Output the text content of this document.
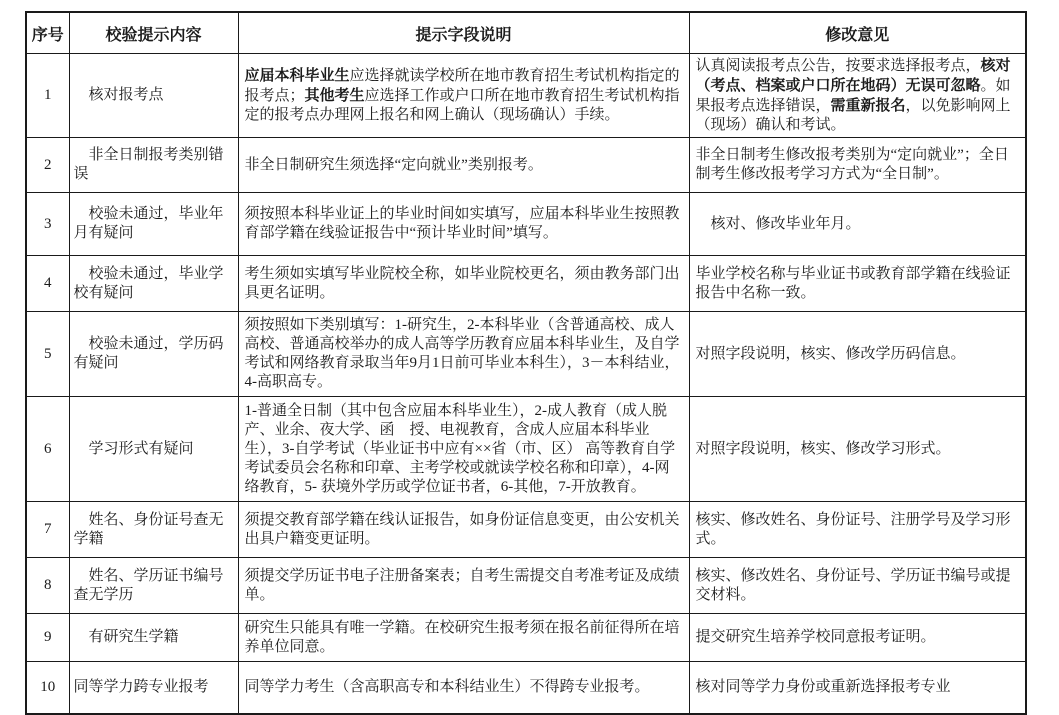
序号	校验提示内容	提示字段说明	修改意见
1	核对报考点	应届本科毕业生应选择就读学校所在地市教育招生考试机构指定的报考点；其他考生应选择工作或户口所在地市教育招生考试机构指定的报考点办理网上报名和网上确认（现场确认）手续。	认真阅读报考点公告，按要求选择报考点，核对（考点、档案或户口所在地码）无误可忽略。如果报考点选择错误，需重新报名，以免影响网上（现场）确认和考试。

2	非全日制报考类别错误	非全日制研究生须选择“定向就业”类别报考。	非全日制考生修改报考类别为“定向就业”；全日制考生修改报考学习方式为“全日制”。

3	校验未通过，毕业年月有疑问	须按照本科毕业证上的毕业时间如实填写，应届本科毕业生按照教育部学籍在线验证报告中“预计毕业时间”填写。	　核对、修改毕业年月。

4	校验未通过，毕业学校有疑问	考生须如实填写毕业院校全称，如毕业院校更名，须由教务部门出具更名证明。	毕业学校名称与毕业证书或教育部学籍在线验证报告中名称一致。

5	校验未通过，学历码有疑问	须按照如下类别填写：1-研究生，2-本科毕业（含普通高校、成人高校、普通高校举办的成人高等学历教育应届本科毕业生，及自学考试和网络教育录取当年9月1日前可毕业本科生），3－本科结业，4-高职高专。	对照字段说明，核实、修改学历码信息。

6	学习形式有疑问	1-普通全日制（其中包含应届本科毕业生），2-成人教育（成人脱产、业余、夜大学、函　授、电视教育，含成人应届本科毕业生），3-自学考试（毕业证书中应有××省（市、区） 高等教育自学考试委员会名称和印章、主考学校或就读学校名称和印章），4-网络教育，5- 获境外学历或学位证书者，6-其他，7-开放教育。	对照字段说明，核实、修改学习形式。

7	姓名、身份证号查无学籍	须提交教育部学籍在线认证报告，如身份证信息变更，由公安机关出具户籍变更证明。	核实、修改姓名、身份证号、注册学号及学习形式。

8	姓名、学历证书编号查无学历	须提交学历证书电子注册备案表；自考生需提交自考准考证及成绩单。	核实、修改姓名、身份证号、学历证书编号或提交材料。

9	有研究生学籍	研究生只能具有唯一学籍。在校研究生报考须在报名前征得所在培养单位同意。	提交研究生培养学校同意报考证明。

10	同等学力跨专业报考	同等学力考生（含高职高专和本科结业生）不得跨专业报考。	核对同等学力身份或重新选择报考专业
